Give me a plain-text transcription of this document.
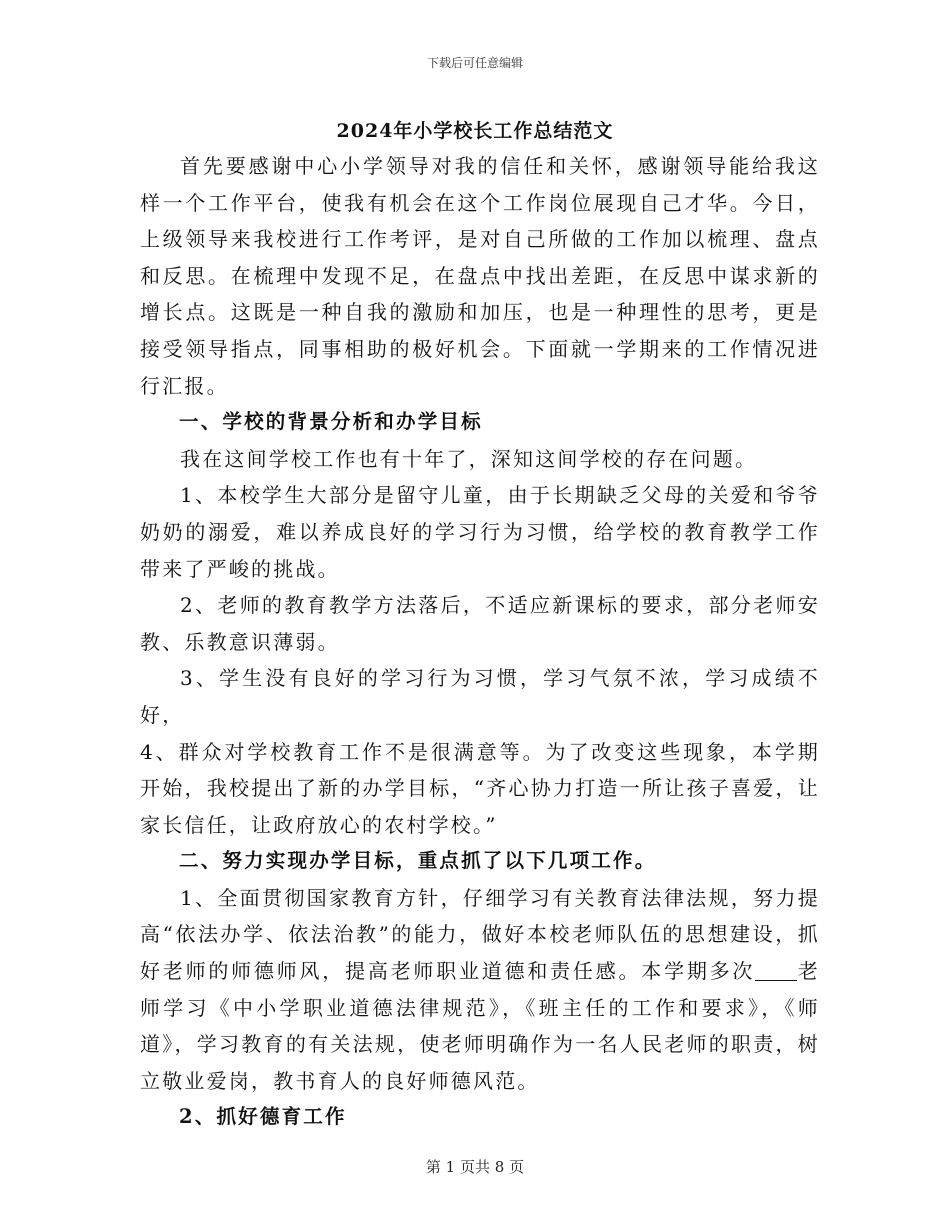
下载后可任意编辑
2024年小学校长工作总结范文

首先要感谢中心小学领导对我的信任和关怀，感谢领导能给我这样一个工作平台，使我有机会在这个工作岗位展现自己才华。今日，上级领导来我校进行工作考评，是对自己所做的工作加以梳理、盘点和反思。在梳理中发现不足，在盘点中找出差距，在反思中谋求新的增长点。这既是一种自我的激励和加压，也是一种理性的思考，更是接受领导指点，同事相助的极好机会。下面就一学期来的工作情况进行汇报。

一、学校的背景分析和办学目标

我在这间学校工作也有十年了，深知这间学校的存在问题。

1、本校学生大部分是留守儿童，由于长期缺乏父母的关爱和爷爷奶奶的溺爱，难以养成良好的学习行为习惯，给学校的教育教学工作带来了严峻的挑战。

2、老师的教育教学方法落后，不适应新课标的要求，部分老师安教、乐教意识薄弱。

3、学生没有良好的学习行为习惯，学习气氛不浓，学习成绩不好，

4、群众对学校教育工作不是很满意等。为了改变这些现象，本学期开始，我校提出了新的办学目标，“齐心协力打造一所让孩子喜爱，让家长信任，让政府放心的农村学校。”

二、努力实现办学目标，重点抓了以下几项工作。

1、全面贯彻国家教育方针，仔细学习有关教育法律法规，努力提高“依法办学、依法治教”的能力，做好本校老师队伍的思想建设，抓好老师的师德师风，提高老师职业道德和责任感。本学期多次 老师学习《中小学职业道德法律规范》，《班主任的工作和要求》，《师道》，学习教育的有关法规，使老师明确作为一名人民老师的职责，树立敬业爱岗，教书育人的良好师德风范。

2、抓好德育工作

第 1 页共 8 页
